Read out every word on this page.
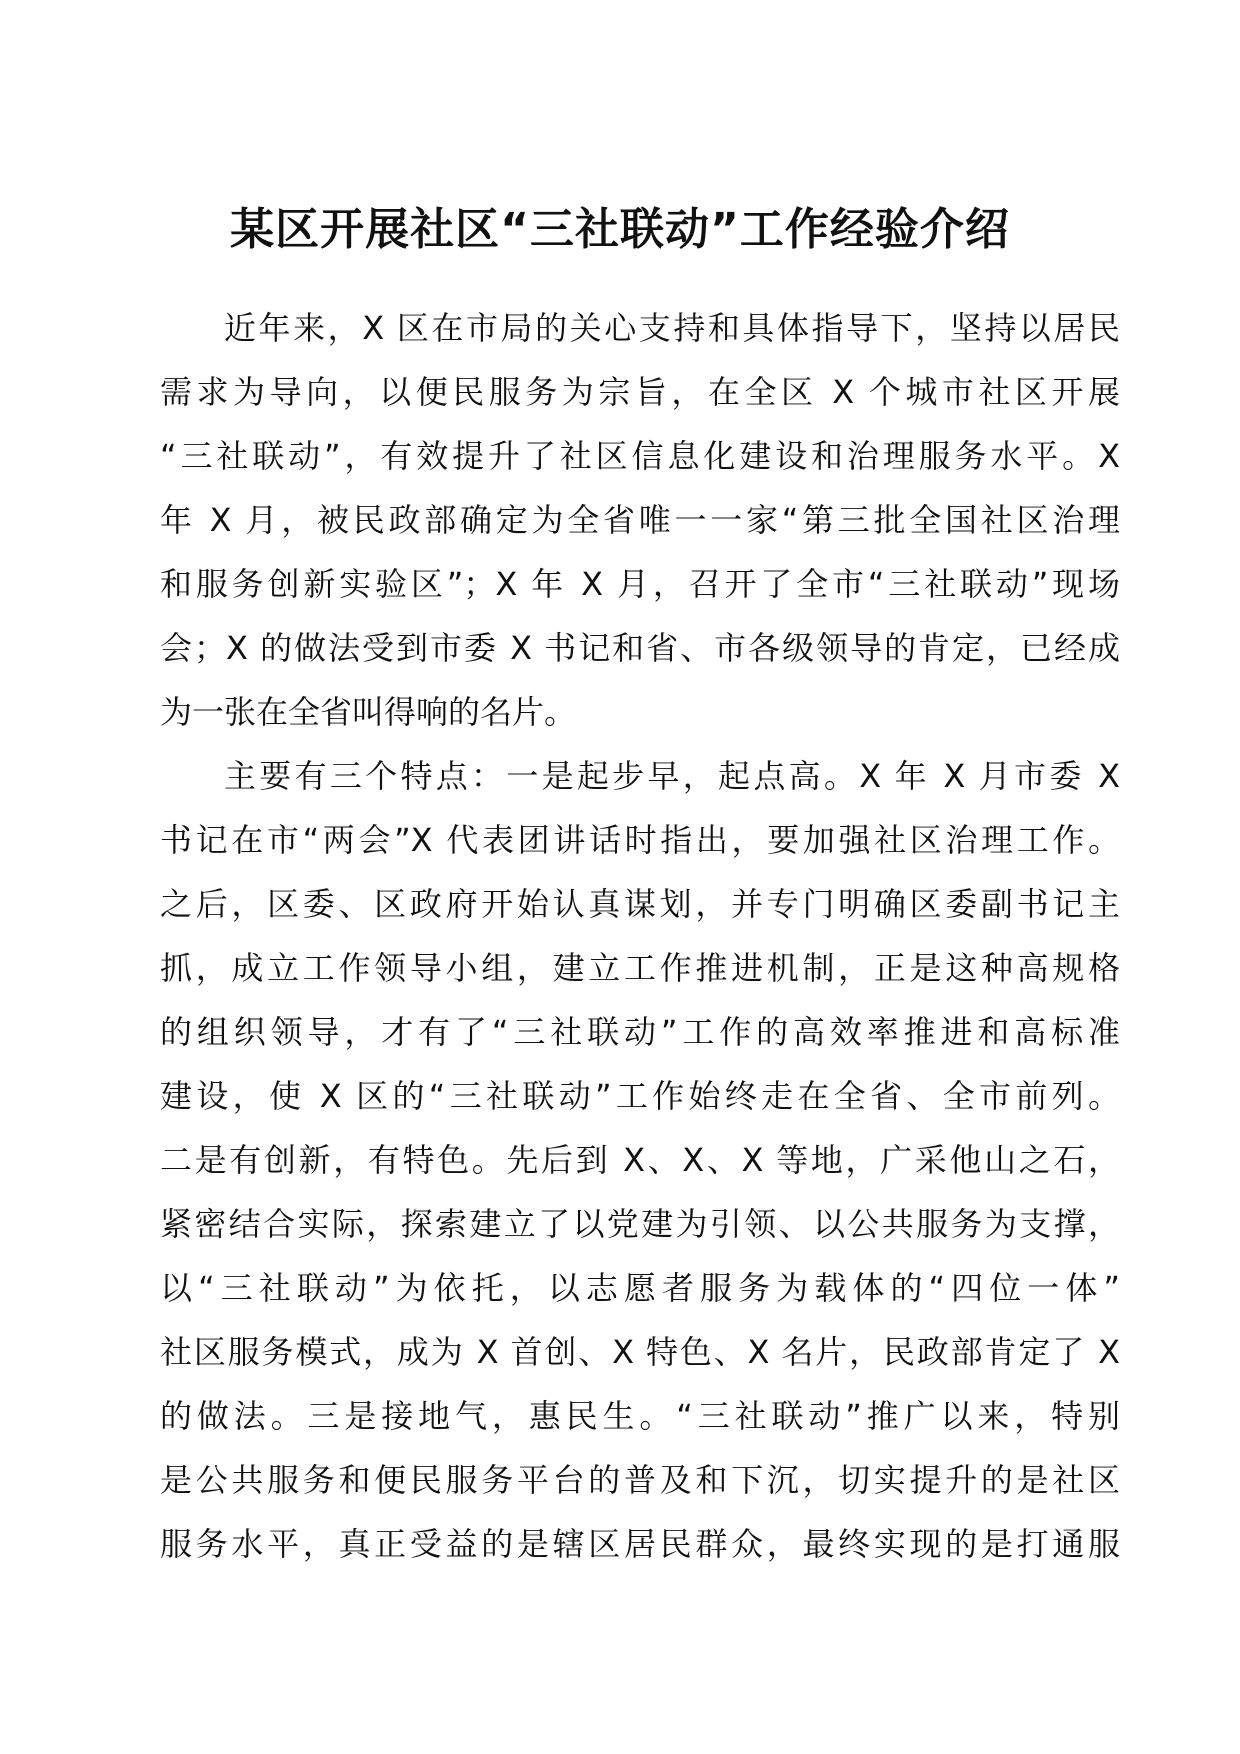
某区开展社区“三社联动”工作经验介绍
近年来，X 区在市局的关心支持和具体指导下，坚持以居民
需求为导向，以便民服务为宗旨，在全区 X 个城市社区开展
“三社联动”，有效提升了社区信息化建设和治理服务水平。X
年 X 月，被民政部确定为全省唯一一家“第三批全国社区治理
和服务创新实验区”；X 年 X 月，召开了全市“三社联动”现场
会；X 的做法受到市委 X 书记和省、市各级领导的肯定，已经成
为一张在全省叫得响的名片。
主要有三个特点：一是起步早，起点高。X 年 X 月市委 X
书记在市“两会”X 代表团讲话时指出，要加强社区治理工作。
之后，区委、区政府开始认真谋划，并专门明确区委副书记主
抓，成立工作领导小组，建立工作推进机制，正是这种高规格
的组织领导，才有了“三社联动”工作的高效率推进和高标准
建设，使 X 区的“三社联动”工作始终走在全省、全市前列。
二是有创新，有特色。先后到 X、X、X 等地，广采他山之石，
紧密结合实际，探索建立了以党建为引领、以公共服务为支撑，
以“三社联动”为依托，以志愿者服务为载体的“四位一体”
社区服务模式，成为 X 首创、X 特色、X 名片，民政部肯定了 X
的做法。三是接地气，惠民生。“三社联动”推广以来，特别
是公共服务和便民服务平台的普及和下沉，切实提升的是社区
服务水平，真正受益的是辖区居民群众，最终实现的是打通服
